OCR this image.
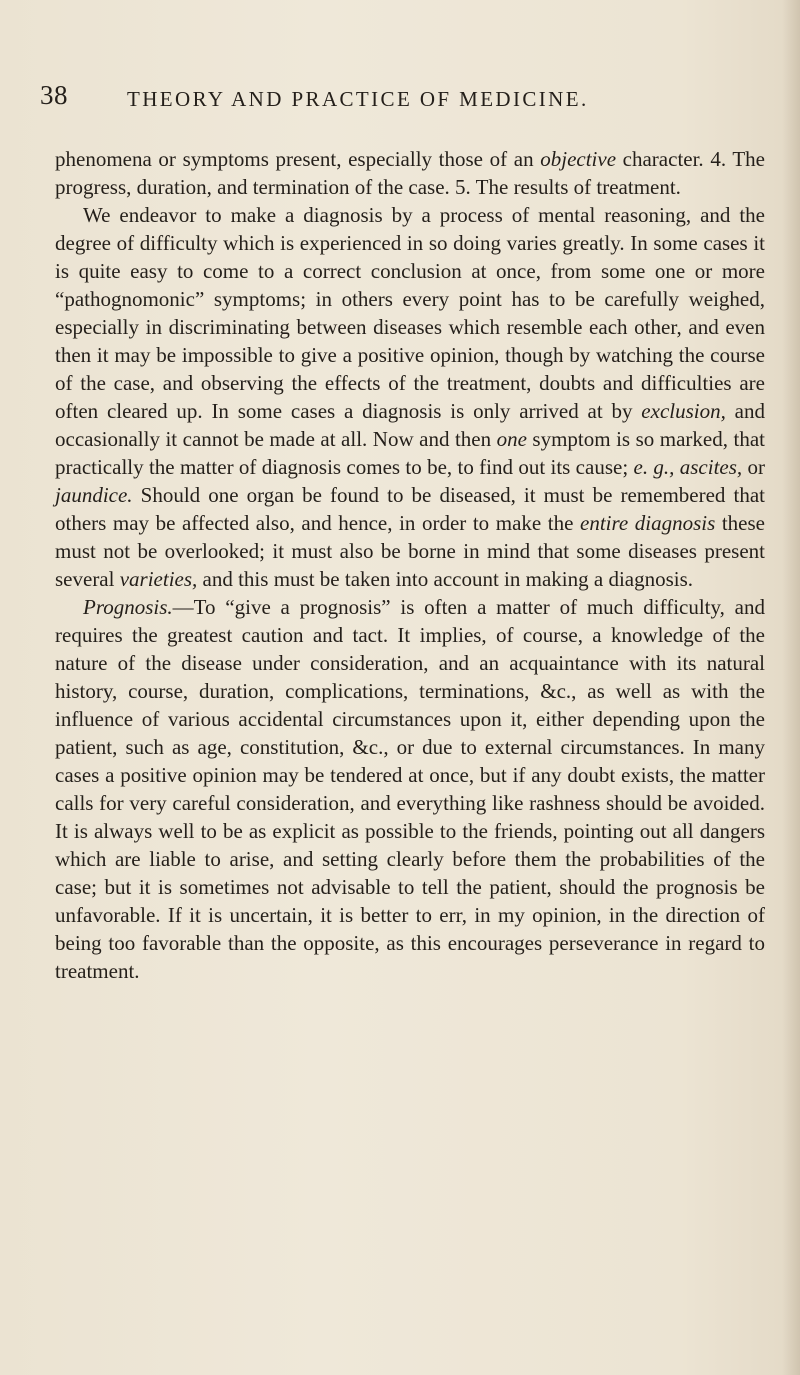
38	THEORY AND PRACTICE OF MEDICINE.

phenomena or symptoms present, especially those of an objective character. 4. The progress, duration, and termination of the case. 5. The results of treatment.

We endeavor to make a diagnosis by a process of mental reasoning, and the degree of difficulty which is experienced in so doing varies greatly. In some cases it is quite easy to come to a correct conclusion at once, from some one or more “pathognomonic” symptoms; in others every point has to be carefully weighed, especially in discriminating between diseases which resemble each other, and even then it may be impossible to give a positive opinion, though by watching the course of the case, and observing the effects of the treatment, doubts and difficulties are often cleared up. In some cases a diagnosis is only arrived at by exclusion, and occasionally it cannot be made at all. Now and then one symptom is so marked, that practically the matter of diagnosis comes to be, to find out its cause; e. g., ascites, or jaundice. Should one organ be found to be diseased, it must be remembered that others may be affected also, and hence, in order to make the entire diagnosis these must not be overlooked; it must also be borne in mind that some diseases present several varieties, and this must be taken into account in making a diagnosis.

Prognosis.—To “give a prognosis” is often a matter of much difficulty, and requires the greatest caution and tact. It implies, of course, a knowledge of the nature of the disease under consideration, and an acquaintance with its natural history, course, duration, complications, terminations, &c., as well as with the influence of various accidental circumstances upon it, either depending upon the patient, such as age, constitution, &c., or due to external circumstances. In many cases a positive opinion may be tendered at once, but if any doubt exists, the matter calls for very careful consideration, and everything like rashness should be avoided. It is always well to be as explicit as possible to the friends, pointing out all dangers which are liable to arise, and setting clearly before them the probabilities of the case; but it is sometimes not advisable to tell the patient, should the prognosis be unfavorable. If it is uncertain, it is better to err, in my opinion, in the direction of being too favorable than the opposite, as this encourages perseverance in regard to treatment.
